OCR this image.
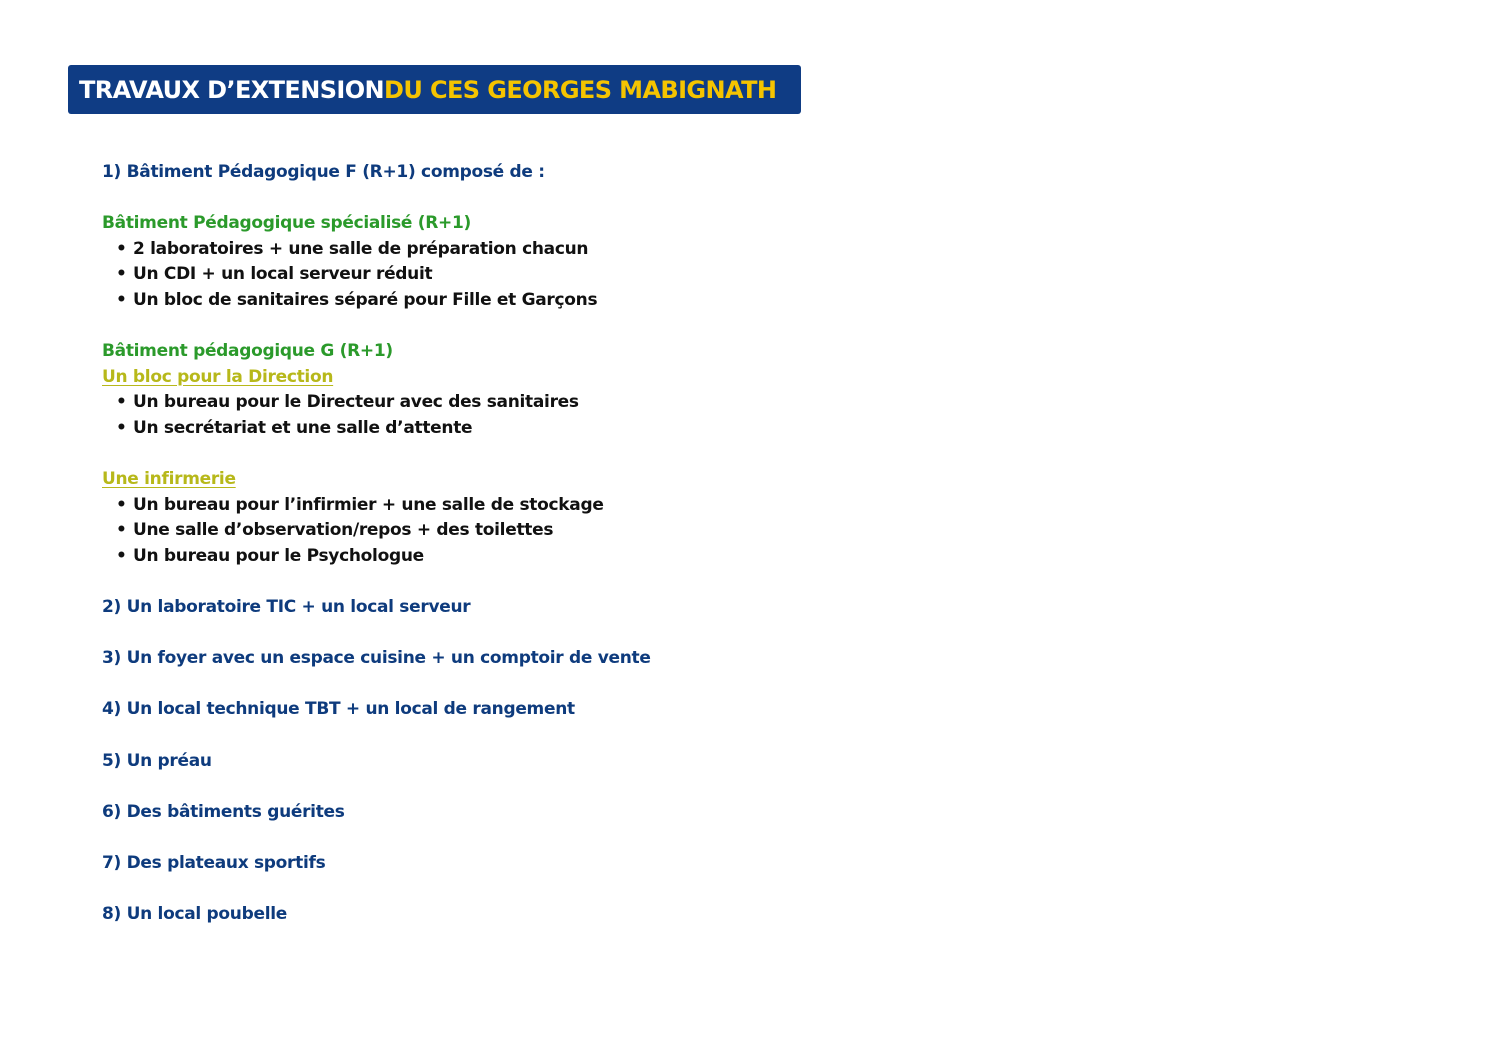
TRAVAUX D’EXTENSION DU CES GEORGES MABIGNATH
1) Bâtiment Pédagogique F (R+1) composé de :
Bâtiment Pédagogique spécialisé (R+1)
• 2 laboratoires + une salle de préparation chacun
• Un CDI + un local serveur réduit
• Un bloc de sanitaires séparé pour Fille et Garçons
Bâtiment pédagogique G (R+1)
Un bloc pour la Direction
• Un bureau pour le Directeur avec des sanitaires
• Un secrétariat et une salle d’attente
Une infirmerie
• Un bureau pour l’infirmier + une salle de stockage
• Une salle d’observation/repos + des toilettes
• Un bureau pour le Psychologue
2) Un laboratoire TIC + un local serveur
3) Un foyer avec un espace cuisine + un comptoir de vente
4) Un local technique TBT + un local de rangement
5) Un préau
6) Des bâtiments guérites
7) Des plateaux sportifs
8) Un local poubelle
